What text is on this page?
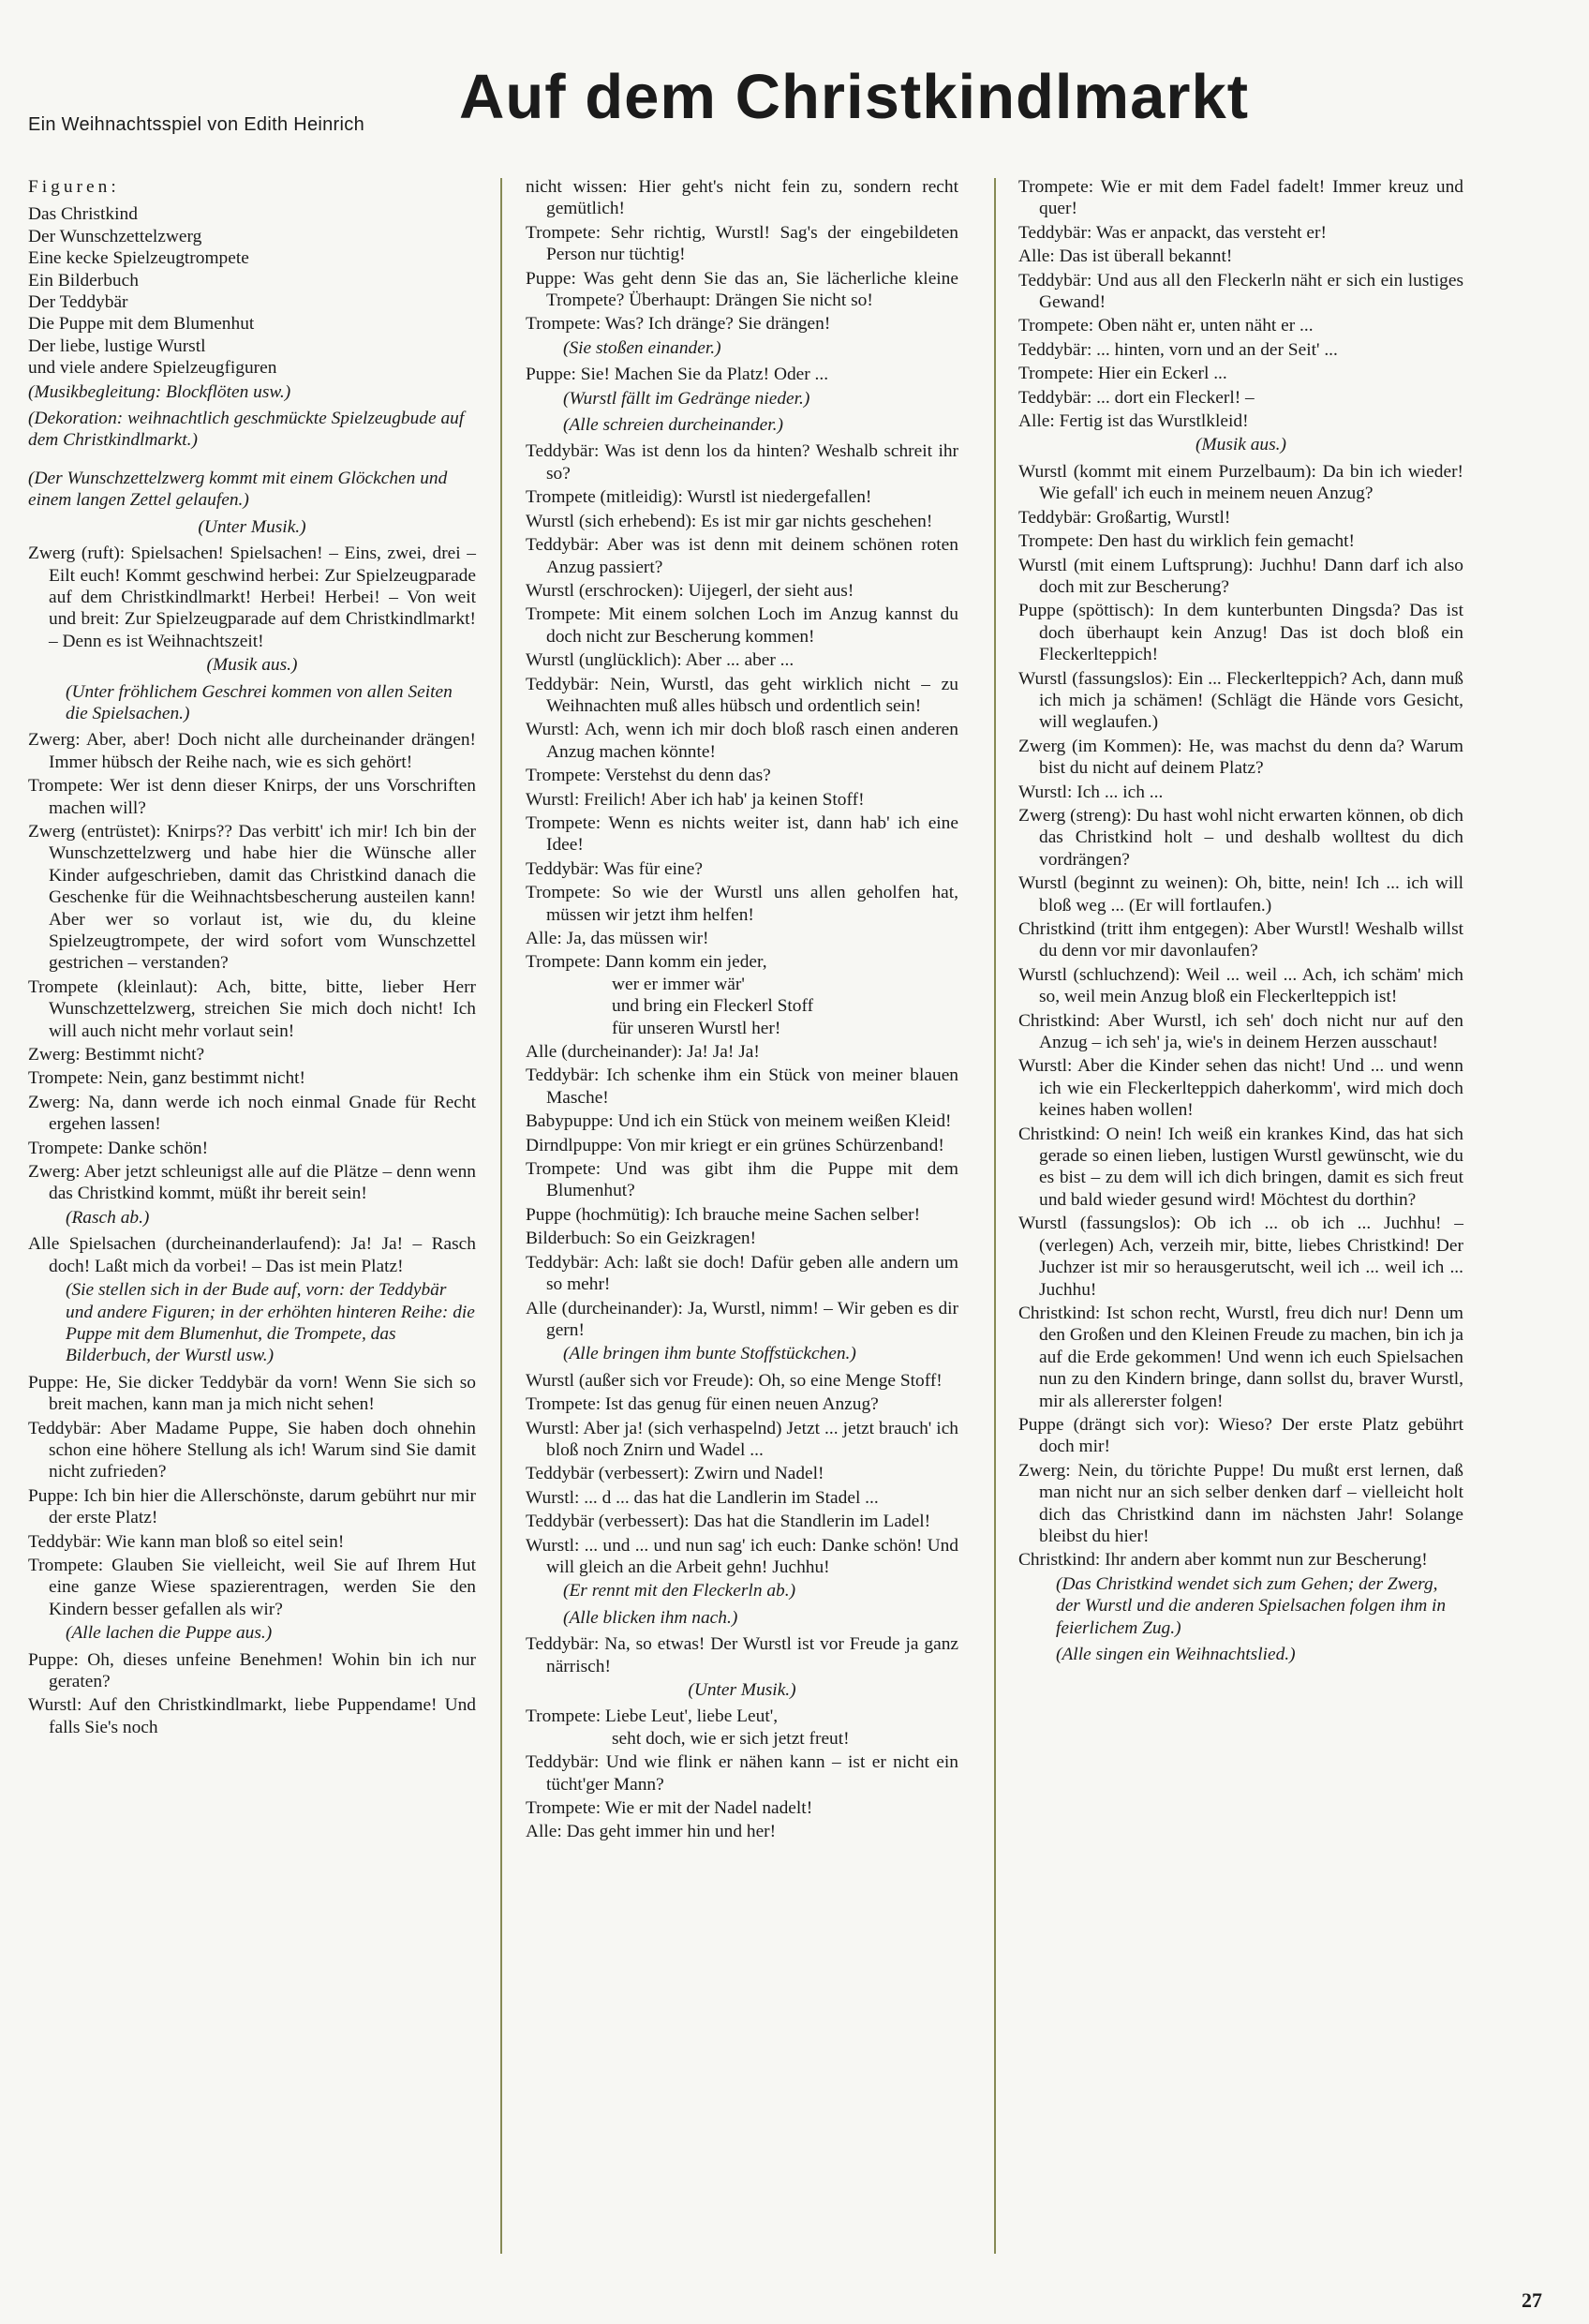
Ein Weihnachtsspiel von Edith Heinrich Auf dem Christkindlmarkt
Figuren:
Das Christkind
Der Wunschzettelzwerg
Eine kecke Spielzeugtrompete
Ein Bilderbuch
Der Teddybär
Die Puppe mit dem Blumenhut
Der liebe, lustige Wurstl
und viele andere Spielzeugfiguren
(Musikbegleitung: Blockflöten usw.)
(Dekoration: weihnachtlich geschmückte Spielzeugbude auf dem Christkindlmarkt.)
(Der Wunschzettelzwerg kommt mit einem Glöckchen und einem langen Zettel gelaufen.)
(Unter Musik.)
Zwerg (ruft): Spielsachen! Spielsachen! – Eins, zwei, drei – Eilt euch! Kommt geschwind herbei: Zur Spielzeugparade auf dem Christkindlmarkt! Herbei! Herbei! – Von weit und breit: Zur Spielzeugparade auf dem Christkindlmarkt! – Denn es ist Weihnachtszeit!
(Musik aus.)
(Unter fröhlichem Geschrei kommen von allen Seiten die Spielsachen.)
Zwerg: Aber, aber! Doch nicht alle durcheinander drängen! Immer hübsch der Reihe nach, wie es sich gehört!
Trompete: Wer ist denn dieser Knirps, der uns Vorschriften machen will?
Zwerg (entrüstet): Knirps?? Das verbitt' ich mir! Ich bin der Wunschzettelzwerg und habe hier die Wünsche aller Kinder aufgeschrieben, damit das Christkind danach die Geschenke für die Weihnachtsbescherung austeilen kann! Aber wer so vorlaut ist, wie du, du kleine Spielzeugtrompete, der wird sofort vom Wunschzettel gestrichen – verstanden?
Trompete (kleinlaut): Ach, bitte, bitte, lieber Herr Wunschzettelzwerg, streichen Sie mich doch nicht! Ich will auch nicht mehr vorlaut sein!
Zwerg: Bestimmt nicht?
Trompete: Nein, ganz bestimmt nicht!
Zwerg: Na, dann werde ich noch einmal Gnade für Recht ergehen lassen!
Trompete: Danke schön!
Zwerg: Aber jetzt schleunigst alle auf die Plätze – denn wenn das Christkind kommt, müßt ihr bereit sein!
(Rasch ab.)
Alle Spielsachen (durcheinanderlaufend): Ja! Ja! – Rasch doch! Laßt mich da vorbei! – Das ist mein Platz!
(Sie stellen sich in der Bude auf, vorn: der Teddybär und andere Figuren; in der erhöhten hinteren Reihe: die Puppe mit dem Blumenhut, die Trompete, das Bilderbuch, der Wurstl usw.)
Puppe: He, Sie dicker Teddybär da vorn! Wenn Sie sich so breit machen, kann man ja mich nicht sehen!
Teddybär: Aber Madame Puppe, Sie haben doch ohnehin schon eine höhere Stellung als ich! Warum sind Sie damit nicht zufrieden?
Puppe: Ich bin hier die Allerschönste, darum gebührt nur mir der erste Platz!
Teddybär: Wie kann man bloß so eitel sein!
Trompete: Glauben Sie vielleicht, weil Sie auf Ihrem Hut eine ganze Wiese spazierentragen, werden Sie den Kindern besser gefallen als wir?
(Alle lachen die Puppe aus.)
Puppe: Oh, dieses unfeine Benehmen! Wohin bin ich nur geraten?
Wurstl: Auf den Christkindlmarkt, liebe Puppendame! Und falls Sie's noch
nicht wissen: Hier geht's nicht fein zu, sondern recht gemütlich!
Trompete: Sehr richtig, Wurstl! Sag's der eingebildeten Person nur tüchtig!
Puppe: Was geht denn Sie das an, Sie lächerliche kleine Trompete? Überhaupt: Drängen Sie nicht so!
Trompete: Was? Ich dränge? Sie drängen!
(Sie stoßen einander.)
Puppe: Sie! Machen Sie da Platz! Oder ...
(Wurstl fällt im Gedränge nieder.)
(Alle schreien durcheinander.)
Teddybär: Was ist denn los da hinten? Weshalb schreit ihr so?
Trompete (mitleidig): Wurstl ist niedergefallen!
Wurstl (sich erhebend): Es ist mir gar nichts geschehen!
Teddybär: Aber was ist denn mit deinem schönen roten Anzug passiert?
Wurstl (erschrocken): Uijegerl, der sieht aus!
Trompete: Mit einem solchen Loch im Anzug kannst du doch nicht zur Bescherung kommen!
Wurstl (unglücklich): Aber ... aber ...
Teddybär: Nein, Wurstl, das geht wirklich nicht – zu Weihnachten muß alles hübsch und ordentlich sein!
Wurstl: Ach, wenn ich mir doch bloß rasch einen anderen Anzug machen könnte!
Trompete: Verstehst du denn das?
Wurstl: Freilich! Aber ich hab' ja keinen Stoff!
Trompete: Wenn es nichts weiter ist, dann hab' ich eine Idee!
Teddybär: Was für eine?
Trompete: So wie der Wurstl uns allen geholfen hat, müssen wir jetzt ihm helfen!
Alle: Ja, das müssen wir!
Trompete: Dann komm ein jeder,
wer er immer wär'
und bring ein Fleckerl Stoff
für unseren Wurstl her!
Alle (durcheinander): Ja! Ja! Ja!
Teddybär: Ich schenke ihm ein Stück von meiner blauen Masche!
Babypuppe: Und ich ein Stück von meinem weißen Kleid!
Dirndlpuppe: Von mir kriegt er ein grünes Schürzenband!
Trompete: Und was gibt ihm die Puppe mit dem Blumenhut?
Puppe (hochmütig): Ich brauche meine Sachen selber!
Bilderbuch: So ein Geizkragen!
Teddybär: Ach: laßt sie doch! Dafür geben alle andern um so mehr!
Alle (durcheinander): Ja, Wurstl, nimm! – Wir geben es dir gern!
(Alle bringen ihm bunte Stoffstückchen.)
Wurstl (außer sich vor Freude): Oh, so eine Menge Stoff!
Trompete: Ist das genug für einen neuen Anzug?
Wurstl: Aber ja! (sich verhaspelnd) Jetzt ... jetzt brauch' ich bloß noch Znirn und Wadel ...
Teddybär (verbessert): Zwirn und Nadel!
Wurstl: ... d ... das hat die Landlerin im Stadel ...
Teddybär (verbessert): Das hat die Standlerin im Ladel!
Wurstl: ... und ... und nun sag' ich euch: Danke schön! Und will gleich an die Arbeit gehn! Juchhu!
(Er rennt mit den Fleckerln ab.)
(Alle blicken ihm nach.)
Teddybär: Na, so etwas! Der Wurstl ist vor Freude ja ganz närrisch!
(Unter Musik.)
Trompete: Liebe Leut', liebe Leut',
seht doch, wie er sich jetzt freut!
Teddybär: Und wie flink er nähen kann – ist er nicht ein tücht'ger Mann?
Trompete: Wie er mit der Nadel nadelt!
Alle: Das geht immer hin und her!
Trompete: Wie er mit dem Fadel fadelt! Immer kreuz und quer!
Teddybär: Was er anpackt, das versteht er!
Alle: Das ist überall bekannt!
Teddybär: Und aus all den Fleckerln näht er sich ein lustiges Gewand!
Trompete: Oben näht er, unten näht er ...
Teddybär: ... hinten, vorn und an der Seit' ...
Trompete: Hier ein Eckerl ...
Teddybär: ... dort ein Fleckerl! –
Alle: Fertig ist das Wurstlkleid!
(Musik aus.)
Wurstl (kommt mit einem Purzelbaum): Da bin ich wieder! Wie gefall' ich euch in meinem neuen Anzug?
Teddybär: Großartig, Wurstl!
Trompete: Den hast du wirklich fein gemacht!
Wurstl (mit einem Luftsprung): Juchhu! Dann darf ich also doch mit zur Bescherung?
Puppe (spöttisch): In dem kunterbunten Dingsda? Das ist doch überhaupt kein Anzug! Das ist doch bloß ein Fleckerlteppich!
Wurstl (fassungslos): Ein ... Fleckerlteppich? Ach, dann muß ich mich ja schämen! (Schlägt die Hände vors Gesicht, will weglaufen.)
Zwerg (im Kommen): He, was machst du denn da? Warum bist du nicht auf deinem Platz?
Wurstl: Ich ... ich ...
Zwerg (streng): Du hast wohl nicht erwarten können, ob dich das Christkind holt – und deshalb wolltest du dich vordrängen?
Wurstl (beginnt zu weinen): Oh, bitte, nein! Ich ... ich will bloß weg ... (Er will fortlaufen.)
Christkind (tritt ihm entgegen): Aber Wurstl! Weshalb willst du denn vor mir davonlaufen?
Wurstl (schluchzend): Weil ... weil ... Ach, ich schäm' mich so, weil mein Anzug bloß ein Fleckerlteppich ist!
Christkind: Aber Wurstl, ich seh' doch nicht nur auf den Anzug – ich seh' ja, wie's in deinem Herzen ausschaut!
Wurstl: Aber die Kinder sehen das nicht! Und ... und wenn ich wie ein Fleckerlteppich daherkomm', wird mich doch keines haben wollen!
Christkind: O nein! Ich weiß ein krankes Kind, das hat sich gerade so einen lieben, lustigen Wurstl gewünscht, wie du es bist – zu dem will ich dich bringen, damit es sich freut und bald wieder gesund wird! Möchtest du dorthin?
Wurstl (fassungslos): Ob ich ... ob ich ... Juchhu! – (verlegen) Ach, verzeih mir, bitte, liebes Christkind! Der Juchzer ist mir so herausgerutscht, weil ich ... weil ich ... Juchhu!
Christkind: Ist schon recht, Wurstl, freu dich nur! Denn um den Großen und den Kleinen Freude zu machen, bin ich ja auf die Erde gekommen! Und wenn ich euch Spielsachen nun zu den Kindern bringe, dann sollst du, braver Wurstl, mir als allererster folgen!
Puppe (drängt sich vor): Wieso? Der erste Platz gebührt doch mir!
Zwerg: Nein, du törichte Puppe! Du mußt erst lernen, daß man nicht nur an sich selber denken darf – vielleicht holt dich das Christkind dann im nächsten Jahr! Solange bleibst du hier!
Christkind: Ihr andern aber kommt nun zur Bescherung!
(Das Christkind wendet sich zum Gehen; der Zwerg, der Wurstl und die anderen Spielsachen folgen ihm in feierlichem Zug.)
(Alle singen ein Weihnachtslied.)
27
